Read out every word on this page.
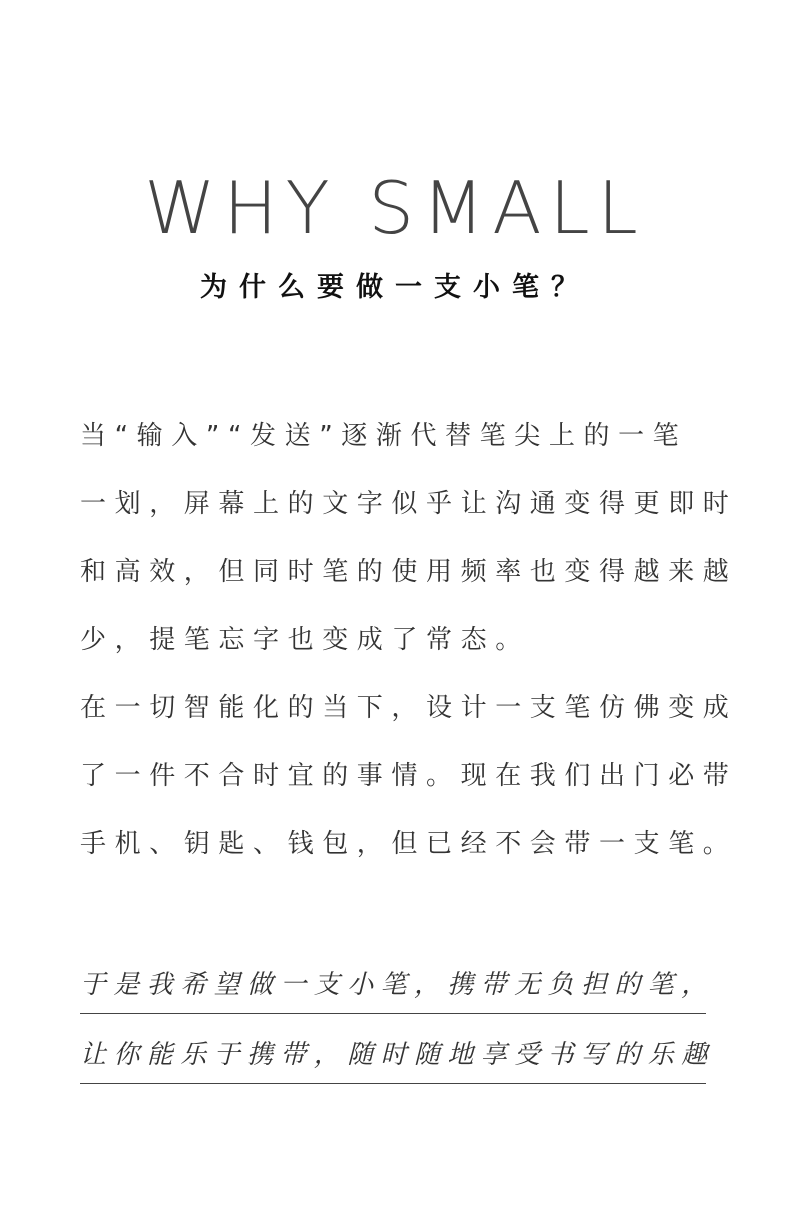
WHY SMALL
为什么要做一支小笔？
当“输入”“发送”逐渐代替笔尖上的一笔
一划，屏幕上的文字似乎让沟通变得更即时
和高效，但同时笔的使用频率也变得越来越
少，提笔忘字也变成了常态。
在一切智能化的当下，设计一支笔仿佛变成
了一件不合时宜的事情。现在我们出门必带
手机、钥匙、钱包，但已经不会带一支笔。
于是我希望做一支小笔，携带无负担的笔，
让你能乐于携带，随时随地享受书写的乐趣
